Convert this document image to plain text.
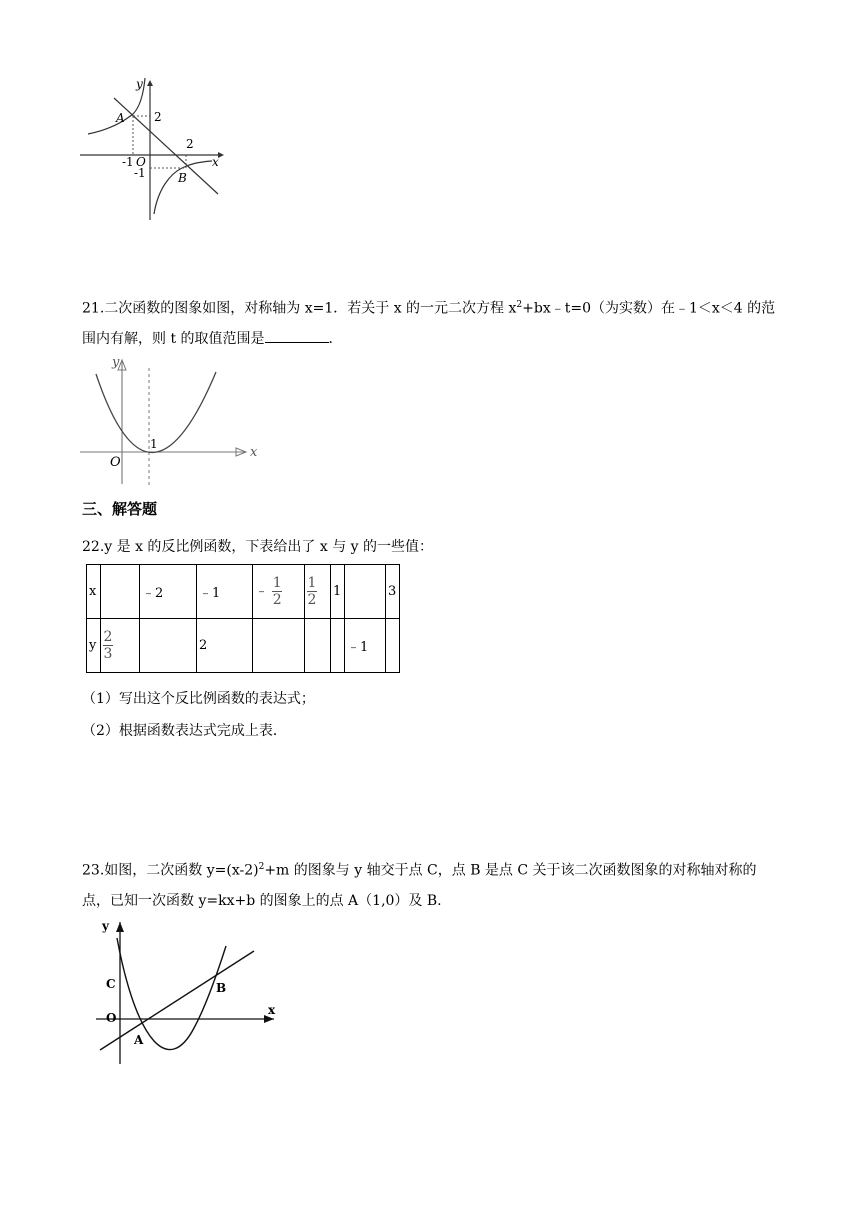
y
x
A
B
2
2
-1 O
-1
21.二次函数的图象如图，对称轴为 x=1．若关于 x 的一元二次方程 $x^2+bx﹣t=0$（为实数）在﹣1＜x＜4 的范围内有解，则 t 的取值范围是	．
y
x
O
1
三、解答题
22.y 是 x 的反比例函数，下表给出了 x 与 y 的一些值：
x		﹣2	﹣1	﹣ $\frac{1}{2}$	$\frac{1}{2}$	1		3
y	$\frac{2}{3}$		2				﹣1	
（1）写出这个反比例函数的表达式；
（2）根据函数表达式完成上表．
23.如图，二次函数 $y=(x-2)^2+m$ 的图象与 y 轴交于点 C，点 B 是点 C 关于该二次函数图象的对称轴对称的点，已知一次函数 y=kx+b 的图象上的点 A（1,0）及 B.
y
x
O
C	B
A
